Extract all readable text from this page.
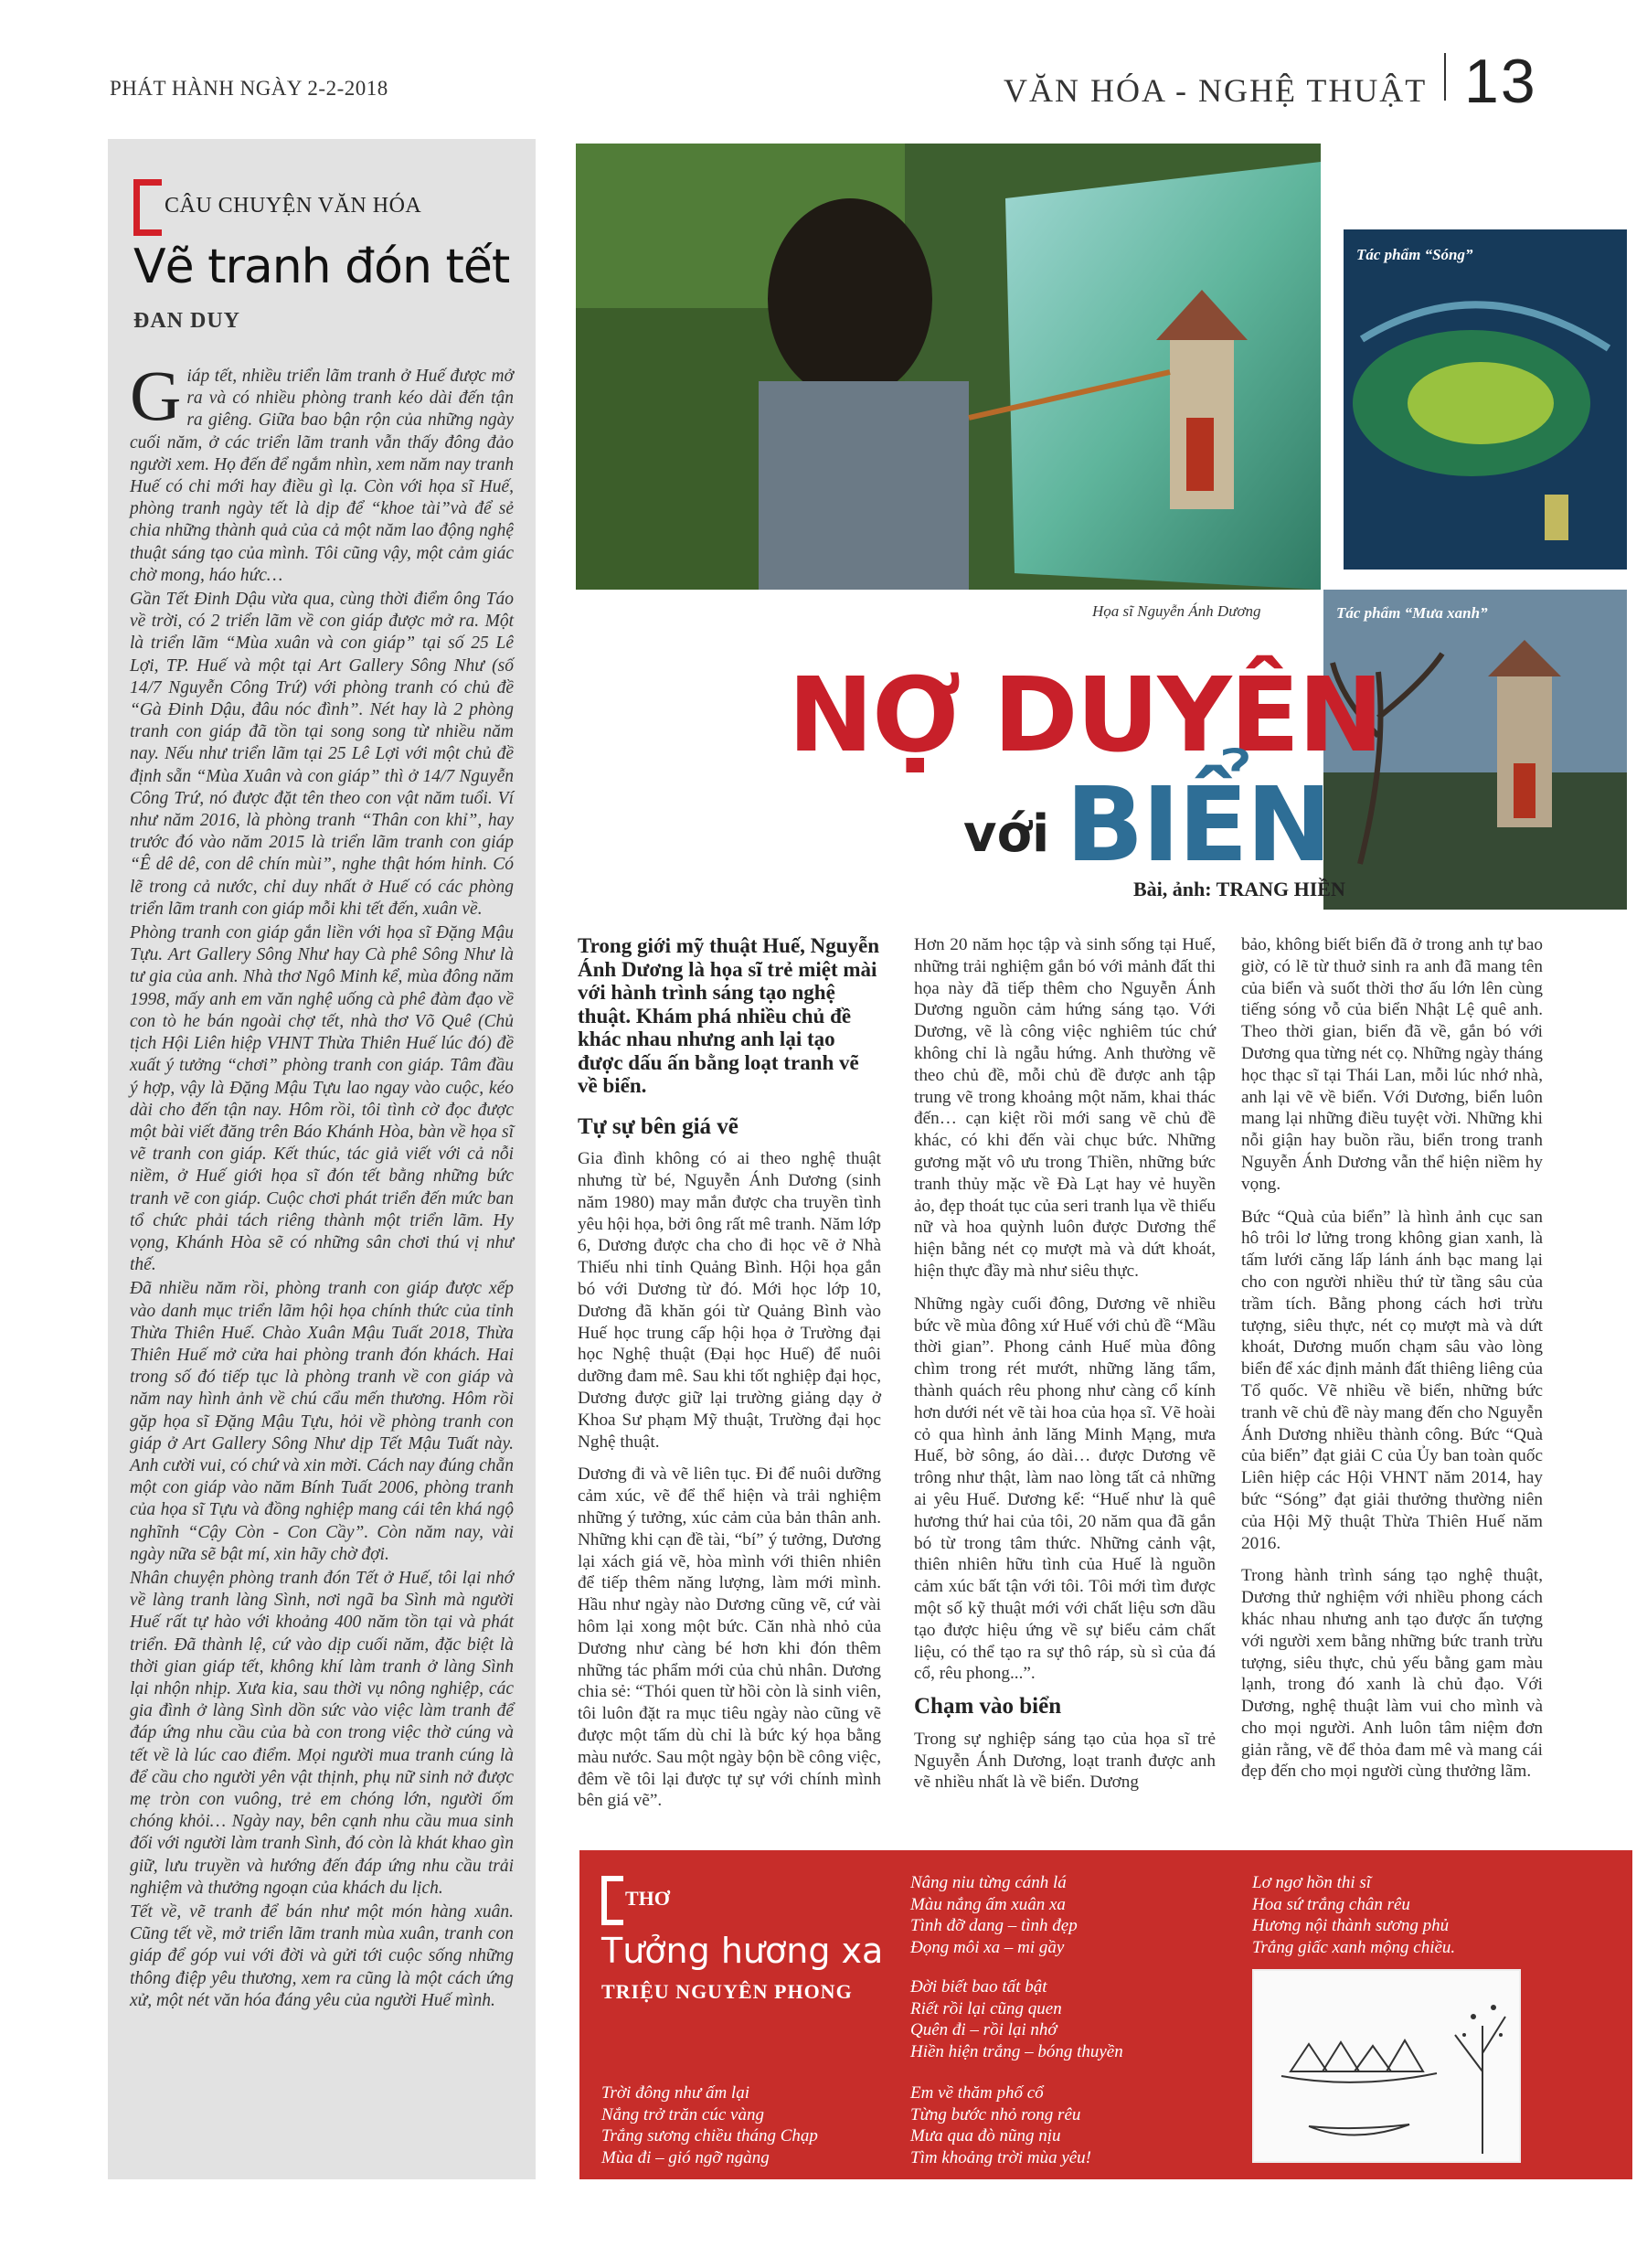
PHÁT HÀNH NGÀY 2-2-2018	VĂN HÓA - NGHỆ THUẬT 13
CÂU CHUYỆN VĂN HÓA
Vẽ tranh đón tết
ĐAN DUY

Giáp tết, nhiều triển lãm tranh ở Huế được mở ra và có nhiều phòng tranh kéo dài đến tận ra giêng. Giữa bao bận rộn của những ngày cuối năm, ở các triển lãm tranh vẫn thấy đông đảo người xem. Họ đến để ngắm nhìn, xem năm nay tranh Huế có chi mới hay điều gì lạ. Còn với họa sĩ Huế, phòng tranh ngày tết là dịp để “khoe tài”và để sẻ chia những thành quả của cả một năm lao động nghệ thuật sáng tạo của mình. Tôi cũng vậy, một cảm giác chờ mong, háo hức…

Gần Tết Đinh Dậu vừa qua, cùng thời điểm ông Táo về trời, có 2 triển lãm về con giáp được mở ra. Một là triển lãm “Mùa xuân và con giáp” tại số 25 Lê Lợi, TP. Huế và một tại Art Gallery Sông Như (số 14/7 Nguyễn Công Trứ) với phòng tranh có chủ đề “Gà Đinh Dậu, đâu nóc đình”. Nét hay là 2 phòng tranh con giáp đã tồn tại song song từ nhiều năm nay. Nếu như triển lãm tại 25 Lê Lợi với một chủ đề định sẵn “Mùa Xuân và con giáp” thì ở 14/7 Nguyễn Công Trứ, nó được đặt tên theo con vật năm tuổi. Ví như năm 2016, là phòng tranh “Thân con khỉ”, hay trước đó vào năm 2015 là triển lãm tranh con giáp “Ê dê dê, con dê chín mùi”, nghe thật hóm hỉnh. Có lẽ trong cả nước, chỉ duy nhất ở Huế có các phòng triển lãm tranh con giáp mỗi khi tết đến, xuân về.

Phòng tranh con giáp gắn liền với họa sĩ Đặng Mậu Tựu. Art Gallery Sông Như hay Cà phê Sông Như là tư gia của anh. Nhà thơ Ngô Minh kể, mùa đông năm 1998, mấy anh em văn nghệ uống cà phê đàm đạo về con tò he bán ngoài chợ tết, nhà thơ Võ Quê (Chủ tịch Hội Liên hiệp VHNT Thừa Thiên Huế lúc đó) đề xuất ý tưởng “chơi” phòng tranh con giáp. Tâm đầu ý hợp, vậy là Đặng Mậu Tựu lao ngay vào cuộc, kéo dài cho đến tận nay. Hôm rồi, tôi tình cờ đọc được một bài viết đăng trên Báo Khánh Hòa, bàn về họa sĩ vẽ tranh con giáp. Kết thúc, tác giả viết với cả nỗi niềm, ở Huế giới họa sĩ đón tết bằng những bức tranh vẽ con giáp. Cuộc chơi phát triển đến mức ban tổ chức phải tách riêng thành một triển lãm. Hy vọng, Khánh Hòa sẽ có những sân chơi thú vị như thế.

Đã nhiều năm rồi, phòng tranh con giáp được xếp vào danh mục triển lãm hội họa chính thức của tỉnh Thừa Thiên Huế. Chào Xuân Mậu Tuất 2018, Thừa Thiên Huế mở cửa hai phòng tranh đón khách. Hai trong số đó tiếp tục là phòng tranh về con giáp và năm nay hình ảnh về chú cẩu mến thương. Hôm rồi gặp họa sĩ Đặng Mậu Tựu, hỏi về phòng tranh con giáp ở Art Gallery Sông Như dịp Tết Mậu Tuất này. Anh cười vui, có chứ và xin mời. Cách nay đúng chẵn một con giáp vào năm Bính Tuất 2006, phòng tranh của họa sĩ Tựu và đồng nghiệp mang cái tên khá ngộ nghĩnh “Cậy Còn - Con Cầy”. Còn năm nay, vài ngày nữa sẽ bật mí, xin hãy chờ đợi.

Nhân chuyện phòng tranh đón Tết ở Huế, tôi lại nhớ về làng tranh làng Sình, nơi ngã ba Sình mà người Huế rất tự hào với khoảng 400 năm tồn tại và phát triển. Đã thành lệ, cứ vào dịp cuối năm, đặc biệt là thời gian giáp tết, không khí làm tranh ở làng Sình lại nhộn nhịp. Xưa kia, sau thời vụ nông nghiệp, các gia đình ở làng Sình dồn sức vào việc làm tranh để đáp ứng nhu cầu của bà con trong việc thờ cúng và tết về là lúc cao điểm. Mọi người mua tranh cúng là để cầu cho người yên vật thịnh, phụ nữ sinh nở được mẹ tròn con vuông, trẻ em chóng lớn, người ốm chóng khỏi… Ngày nay, bên cạnh nhu cầu mua sinh đối với người làm tranh Sình, đó còn là khát khao gìn giữ, lưu truyền và hướng đến đáp ứng nhu cầu trải nghiệm và thưởng ngoạn của khách du lịch.

Tết về, vẽ tranh để bán như một món hàng xuân. Cũng tết về, mở triển lãm tranh mùa xuân, tranh con giáp để góp vui với đời và gửi tới cuộc sống những thông điệp yêu thương, xem ra cũng là một cách ứng xử, một nét văn hóa đáng yêu của người Huế mình.

Tác phẩm “Sóng”
Tác phẩm “Mưa xanh”
Họa sĩ Nguyễn Ánh Dương
NỢ DUYÊN
với BIỂN
Bài, ảnh: TRANG HIỀN
Trong giới mỹ thuật Huế, Nguyễn Ánh Dương là họa sĩ trẻ miệt mài với hành trình sáng tạo nghệ thuật. Khám phá nhiều chủ đề khác nhau nhưng anh lại tạo được dấu ấn bằng loạt tranh vẽ về biển.
Tự sự bên giá vẽ

Gia đình không có ai theo nghệ thuật nhưng từ bé, Nguyễn Ánh Dương (sinh năm 1980) may mắn được cha truyền tình yêu hội họa, bởi ông rất mê tranh. Năm lớp 6, Dương được cha cho đi học vẽ ở Nhà Thiếu nhi tỉnh Quảng Bình. Hội họa gắn bó với Dương từ đó. Mới học lớp 10, Dương đã khăn gói từ Quảng Bình vào Huế học trung cấp hội họa ở Trường đại học Nghệ thuật (Đại học Huế) để nuôi dưỡng đam mê. Sau khi tốt nghiệp đại học, Dương được giữ lại trường giảng dạy ở Khoa Sư phạm Mỹ thuật, Trường đại học Nghệ thuật.

Dương đi và vẽ liên tục. Đi để nuôi dưỡng cảm xúc, vẽ để thể hiện và trải nghiệm những ý tưởng, xúc cảm của bản thân anh. Những khi cạn đề tài, “bí” ý tưởng, Dương lại xách giá vẽ, hòa mình với thiên nhiên để tiếp thêm năng lượng, làm mới mình. Hầu như ngày nào Dương cũng vẽ, cứ vài hôm lại xong một bức. Căn nhà nhỏ của Dương như càng bé hơn khi đón thêm những tác phẩm mới của chủ nhân. Dương chia sẻ: “Thói quen từ hồi còn là sinh viên, tôi luôn đặt ra mục tiêu ngày nào cũng vẽ được một tấm dù chỉ là bức ký họa bằng màu nước. Sau một ngày bộn bề công việc, đêm về tôi lại được tự sự với chính mình bên giá vẽ”.

Hơn 20 năm học tập và sinh sống tại Huế, những trải nghiệm gắn bó với mảnh đất thi họa này đã tiếp thêm cho Nguyễn Ánh Dương nguồn cảm hứng sáng tạo. Với Dương, vẽ là công việc nghiêm túc chứ không chỉ là ngẫu hứng. Anh thường vẽ theo chủ đề, mỗi chủ đề được anh tập trung vẽ trong khoảng một năm, khai thác đến… cạn kiệt rồi mới sang vẽ chủ đề khác, có khi đến vài chục bức. Những gương mặt vô ưu trong Thiền, những bức tranh thủy mặc về Đà Lạt hay vẻ huyền ảo, đẹp thoát tục của seri tranh lụa về thiếu nữ và hoa quỳnh luôn được Dương thể hiện bằng nét cọ mượt mà và dứt khoát, hiện thực đầy mà như siêu thực.

Những ngày cuối đông, Dương vẽ nhiều bức về mùa đông xứ Huế với chủ đề “Mầu thời gian”. Phong cảnh Huế mùa đông chìm trong rét mướt, những lăng tẩm, thành quách rêu phong như càng cổ kính hơn dưới nét vẽ tài hoa của họa sĩ. Vẽ hoài cỏ qua hình ảnh lăng Minh Mạng, mưa Huế, bờ sông, áo dài… được Dương vẽ trông như thật, làm nao lòng tất cả những ai yêu Huế. Dương kể: “Huế như là quê hương thứ hai của tôi, 20 năm qua đã gắn bó từ trong tâm thức. Những cảnh vật, thiên nhiên hữu tình của Huế là nguồn cảm xúc bất tận với tôi. Tôi mới tìm được một số kỹ thuật mới với chất liệu sơn dầu tạo được hiệu ứng về sự biểu cảm chất liệu, có thể tạo ra sự thô ráp, sù sì của đá cổ, rêu phong...”.

Chạm vào biển

Trong sự nghiệp sáng tạo của họa sĩ trẻ Nguyễn Ánh Dương, loạt tranh được anh vẽ nhiều nhất là về biển. Dương

bảo, không biết biển đã ở trong anh tự bao giờ, có lẽ từ thuở sinh ra anh đã mang tên của biển và suốt thời thơ ấu lớn lên cùng tiếng sóng vỗ của biển Nhật Lệ quê anh. Theo thời gian, biển đã về, gắn bó với Dương qua từng nét cọ. Những ngày tháng học thạc sĩ tại Thái Lan, mỗi lúc nhớ nhà, anh lại vẽ về biển. Với Dương, biển luôn mang lại những điều tuyệt vời. Những khi nỗi giận hay buồn rầu, biển trong tranh Nguyễn Ánh Dương vẫn thể hiện niềm hy vọng.

Bức “Quà của biển” là hình ảnh cục san hô trôi lơ lửng trong không gian xanh, là tấm lưới căng lấp lánh ánh bạc mang lại cho con người nhiều thứ từ tầng sâu của trầm tích. Bằng phong cách hơi trừu tượng, siêu thực, nét cọ mượt mà và dứt khoát, Dương muốn chạm sâu vào lòng biển để xác định mảnh đất thiêng liêng của Tổ quốc. Vẽ nhiều về biển, những bức tranh vẽ chủ đề này mang đến cho Nguyễn Ánh Dương nhiều thành công. Bức “Quà của biển” đạt giải C của Ủy ban toàn quốc Liên hiệp các Hội VHNT năm 2014, hay bức “Sóng” đạt giải thưởng thường niên của Hội Mỹ thuật Thừa Thiên Huế năm 2016.

Trong hành trình sáng tạo nghệ thuật, Dương thử nghiệm với nhiều phong cách khác nhau nhưng anh tạo được ấn tượng với người xem bằng những bức tranh trừu tượng, siêu thực, chủ yếu bằng gam màu lạnh, trong đó xanh là chủ đạo. Với Dương, nghệ thuật làm vui cho mình và cho mọi người. Anh luôn tâm niệm đơn giản rằng, vẽ để thỏa đam mê và mang cái đẹp đến cho mọi người cùng thưởng lãm.

THƠ
Tưởng hương xa
TRIỆU NGUYÊN PHONG
Trời đông như ấm lại
Nắng trở trăn cúc vàng
Trắng sương chiều tháng Chạp
Mùa đi – gió ngỡ ngàng
Nâng niu từng cánh lá
Màu nắng ấm xuân xa
Tình đỡ dang – tình đẹp
Đọng môi xa – mi gầy
Đời biết bao tất bật
Riết rồi lại cũng quen
Quên đi – rồi lại nhớ
Hiền hiện trắng – bóng thuyền
Em về thăm phố cổ
Từng bước nhỏ rong rêu
Mưa qua đò nũng nịu
Tìm khoảng trời mùa yêu!
Lơ ngơ hồn thi sĩ
Hoa sứ trắng chân rêu
Hương nội thành sương phủ
Trắng giấc xanh mộng chiều.
